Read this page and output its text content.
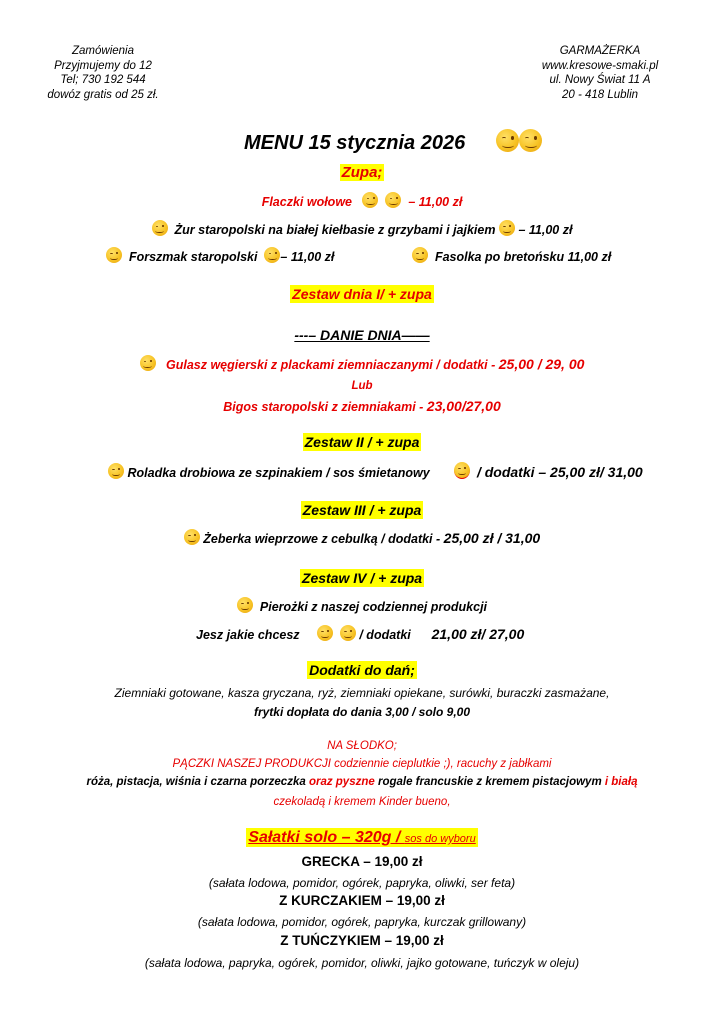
Zamówienia
Przyjmujemy do 12
Tel; 730 192 544
dowóz gratis od 25 zł.
GARMAŻERKA
www.kresowe-smaki.pl
ul. Nowy Świat 11 A
20 - 418 Lublin
MENU 15 stycznia 2026
Zupa;
Flaczki wołowe
	– 11,00 zł
Żur staropolski na białej kiełbasie z grzybami i jajkiem – 11,00 zł
Forszmak staropolski – 11,00 zł	Fasolka po bretońsku 11,00 zł
Zestaw dnia I/ + zupa
---– DANIE DNIA——
Gulasz węgierski z plackami ziemniaczanymi / dodatki - 25,00 / 29, 00
Lub
Bigos staropolski z ziemniakami - 23,00/27,00
Zestaw II / + zupa
Roladka drobiowa ze szpinakiem / sos śmietanowy	/ dodatki – 25,00 zł/ 31,00
Zestaw III / + zupa
Żeberka wieprzowe z cebulką / dodatki - 25,00 zł / 31,00
Zestaw IV / + zupa
Pierożki z naszej codziennej produkcji
Jesz jakie chcesz
	/ dodatki 21,00 zł/ 27,00
Dodatki do dań;
Ziemniaki gotowane, kasza gryczana, ryż, ziemniaki opiekane, surówki, buraczki zasmażane,
frytki dopłata do dania 3,00 / solo 9,00
NA SŁODKO;
PĄCZKI NASZEJ PRODUKCJI codziennie cieplutkie ;), racuchy z jabłkami
róża, pistacja, wiśnia i czarna porzeczka oraz pyszne rogale francuskie z kremem pistacjowym i białą
czekoladą i kremem Kinder bueno,
Sałatki solo – 320g / sos do wyboru
GRECKA – 19,00 zł
(sałata lodowa, pomidor, ogórek, papryka, oliwki, ser feta)
Z KURCZAKIEM – 19,00 zł
(sałata lodowa, pomidor, ogórek, papryka, kurczak grillowany)
Z TUŃCZYKIEM – 19,00 zł
(sałata lodowa, papryka, ogórek, pomidor, oliwki, jajko gotowane, tuńczyk w oleju)
